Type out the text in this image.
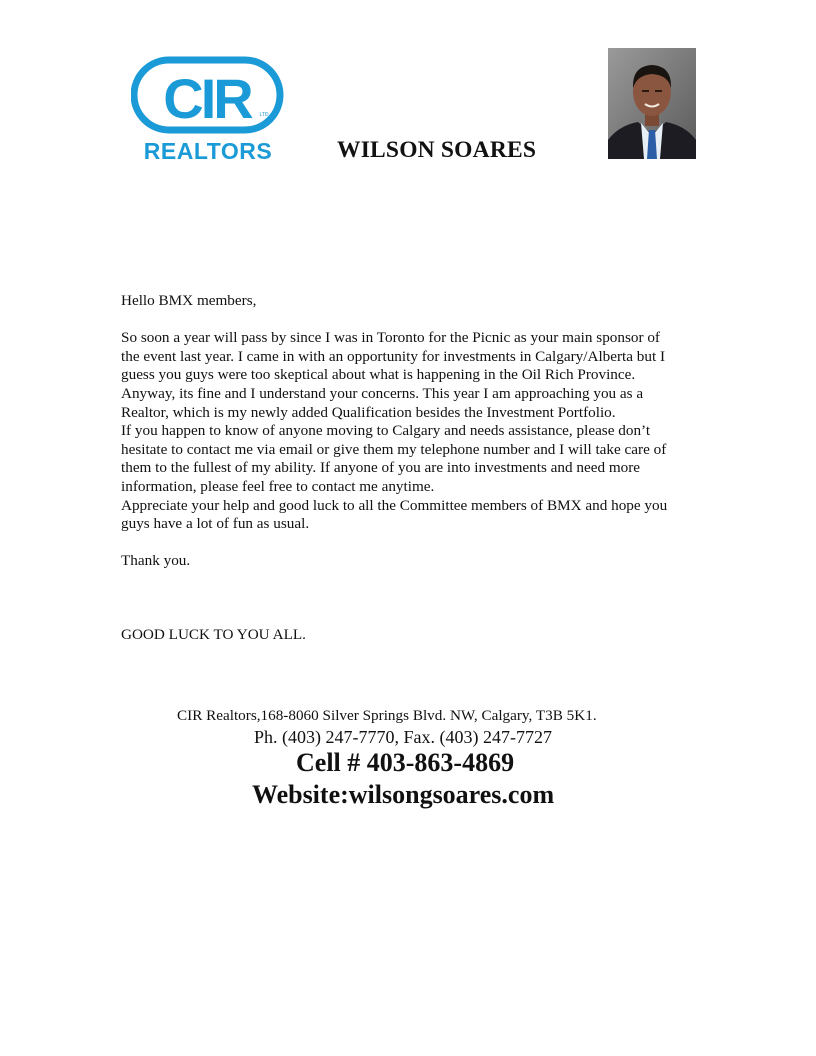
CIR	LTD
REALTORS	WILSON SOARES

Hello BMX members,

So soon a year will pass by since I was in Toronto for the Picnic as your main sponsor of

the event last year. I came in with an opportunity for investments in Calgary/Alberta but I

guess you guys were too skeptical about what is happening in the Oil Rich Province.

Anyway, its fine and I understand your concerns. This year I am approaching you as a

Realtor, which is my newly added Qualification besides the Investment Portfolio.

If you happen to know of anyone moving to Calgary and needs assistance, please don’t

hesitate to contact me via email or give them my telephone number and I will take care of

them to the fullest of my ability. If anyone of you are into investments and need more

information, please feel free to contact me anytime.

Appreciate your help and good luck to all the Committee members of BMX and hope you

guys have a lot of fun as usual.

Thank you.

GOOD LUCK TO YOU ALL.

CIR Realtors,168-8060 Silver Springs Blvd. NW, Calgary, T3B 5K1.
Ph. (403) 247-7770, Fax. (403) 247-7727
Cell # 403-863-4869
Website:wilsongsoares.com
